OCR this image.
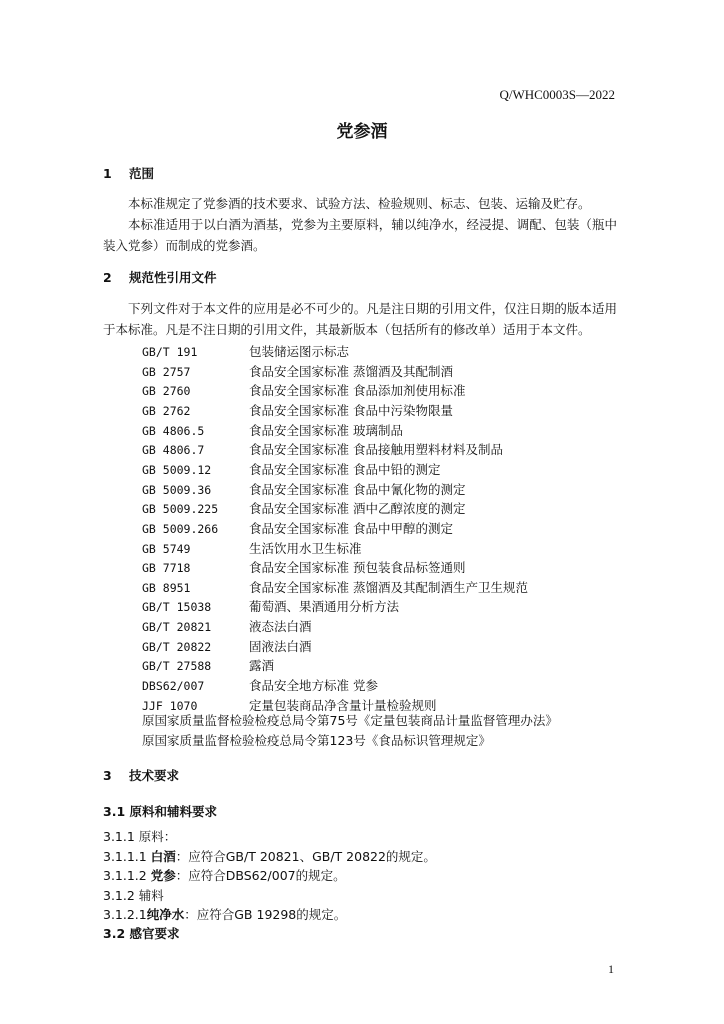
Q/WHC0003S—2022
党参酒
1 范围
本标准规定了党参酒的技术要求、试验方法、检验规则、标志、包装、运输及贮存。
本标准适用于以白酒为酒基，党参为主要原料，辅以纯净水，经浸提、调配、包装（瓶中装入党参）而制成的党参酒。
2 规范性引用文件
下列文件对于本文件的应用是必不可少的。凡是注日期的引用文件，仅注日期的版本适用于本标准。凡是不注日期的引用文件，其最新版本（包括所有的修改单）适用于本文件。
GB/T 191	包装储运图示标志
GB 2757	食品安全国家标准 蒸馏酒及其配制酒
GB 2760	食品安全国家标准 食品添加剂使用标准
GB 2762	食品安全国家标准 食品中污染物限量
GB 4806.5	食品安全国家标准 玻璃制品
GB 4806.7	食品安全国家标准 食品接触用塑料材料及制品
GB 5009.12	食品安全国家标准 食品中铅的测定
GB 5009.36	食品安全国家标准 食品中氰化物的测定
GB 5009.225 食品安全国家标准 酒中乙醇浓度的测定
GB 5009.266 食品安全国家标准 食品中甲醇的测定
GB 5749	生活饮用水卫生标准
GB 7718	食品安全国家标准 预包装食品标签通则
GB 8951	食品安全国家标准 蒸馏酒及其配制酒生产卫生规范
GB/T 15038	葡萄酒、果酒通用分析方法
GB/T 20821	液态法白酒
GB/T 20822	固液法白酒
GB/T 27588	露酒
DBS62/007	食品安全地方标准 党参
JJF 1070	定量包装商品净含量计量检验规则
原国家质量监督检验检疫总局令第75号《定量包装商品计量监督管理办法》
原国家质量监督检验检疫总局令第123号《食品标识管理规定》
3 技术要求
3.1 原料和辅料要求
3.1.1 原料：
3.1.1.1 白酒：应符合GB/T 20821、GB/T 20822的规定。
3.1.1.2 党参：应符合DBS62/007的规定。
3.1.2 辅料
3.1.2.1纯净水：应符合GB 19298的规定。
3.2 感官要求
1
